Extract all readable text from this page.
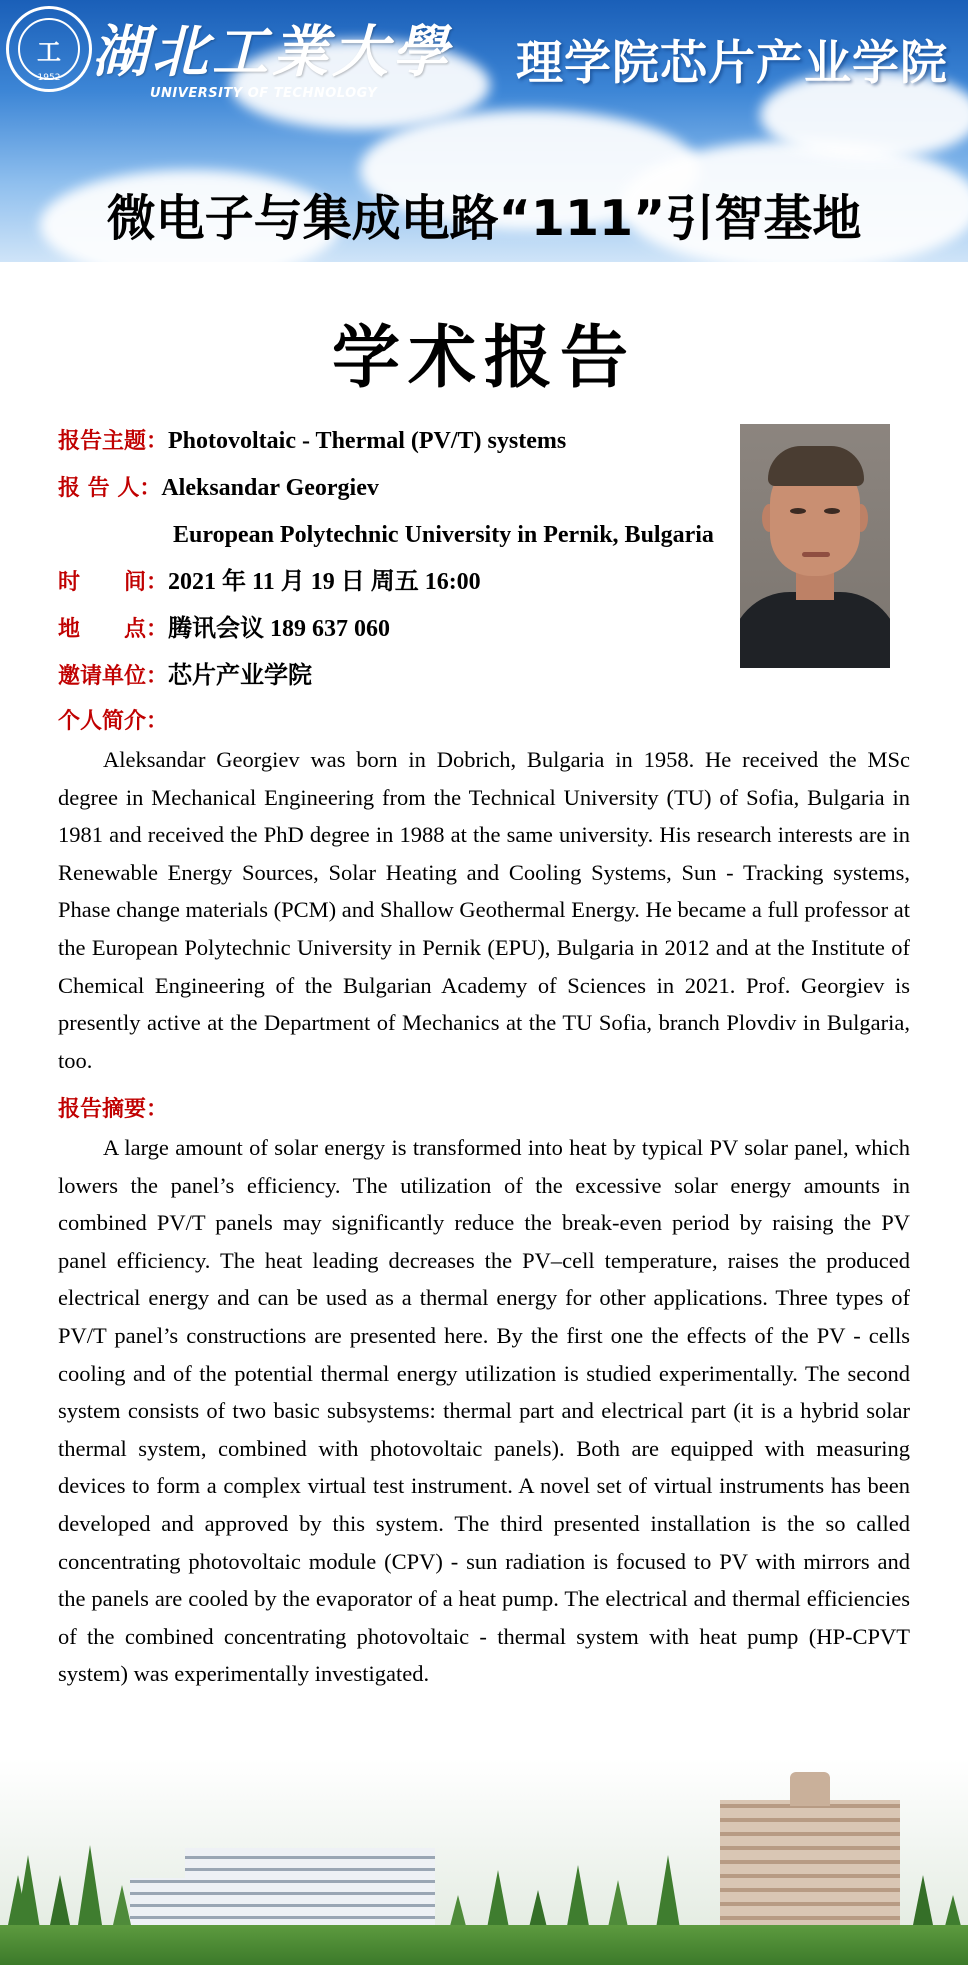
工
1952 湖北工業大學
UNIVERSITY OF TECHNOLOGY
理学院芯片产业学院
微电子与集成电路“111”引智基地
学术报告
报告主题：Photovoltaic - Thermal (PV/T) systems
报 告 人：Aleksandar Georgiev
European Polytechnic University in Pernik, Bulgaria
时　　间：2021 年 11 月 19 日 周五 16:00
地　　点：腾讯会议 189 637 060
邀请单位：芯片产业学院
个人简介：
Aleksandar Georgiev was born in Dobrich, Bulgaria in 1958. He received the MSc degree in Mechanical Engineering from the Technical University (TU) of Sofia, Bulgaria in 1981 and received the PhD degree in 1988 at the same university. His research interests are in Renewable Energy Sources, Solar Heating and Cooling Systems, Sun - Tracking systems, Phase change materials (PCM) and Shallow Geothermal Energy. He became a full professor at the European Polytechnic University in Pernik (EPU), Bulgaria in 2012 and at the Institute of Chemical Engineering of the Bulgarian Academy of Sciences in 2021. Prof. Georgiev is presently active at the Department of Mechanics at the TU Sofia, branch Plovdiv in Bulgaria, too.
报告摘要：
A large amount of solar energy is transformed into heat by typical PV solar panel, which lowers the panel’s efficiency. The utilization of the excessive solar energy amounts in combined PV/T panels may significantly reduce the break-even period by raising the PV panel efficiency. The heat leading decreases the PV–cell temperature, raises the produced electrical energy and can be used as a thermal energy for other applications. Three types of PV/T panel’s constructions are presented here. By the first one the effects of the PV - cells cooling and of the potential thermal energy utilization is studied experimentally. The second system consists of two basic subsystems: thermal part and electrical part (it is a hybrid solar thermal system, combined with photovoltaic panels). Both are equipped with measuring devices to form a complex virtual test instrument. A novel set of virtual instruments has been developed and approved by this system. The third presented installation is the so called concentrating photovoltaic module (CPV) - sun radiation is focused to PV with mirrors and the panels are cooled by the evaporator of a heat pump. The electrical and thermal efficiencies of the combined concentrating photovoltaic - thermal system with heat pump (HP-CPVT system) was experimentally investigated.
